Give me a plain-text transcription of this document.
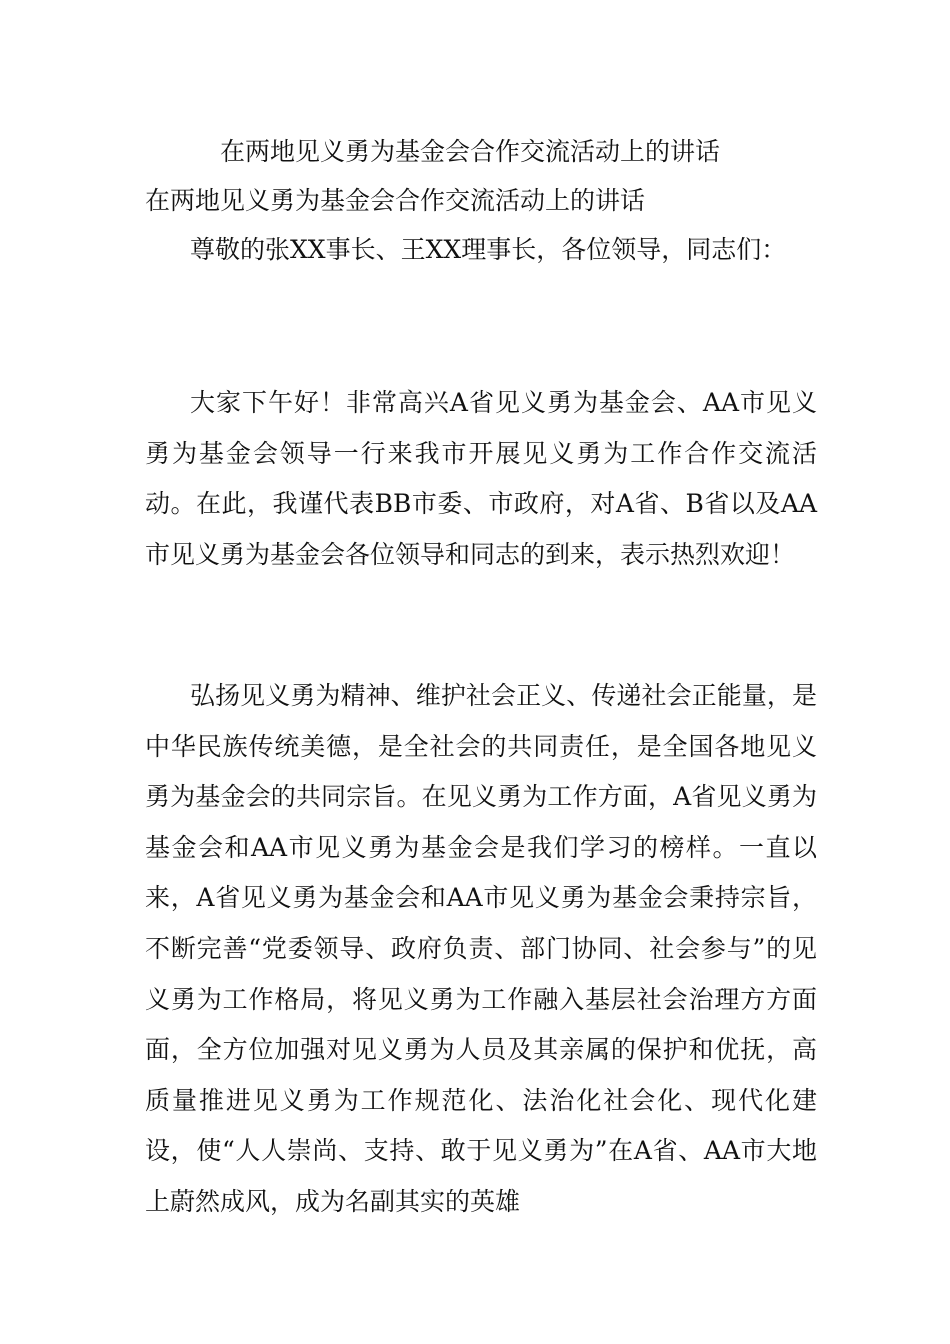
在两地见义勇为基金会合作交流活动上的讲话
在两地见义勇为基金会合作交流活动上的讲话
尊敬的张XX事长、王XX理事长，各位领导，同志们：

大家下午好！非常高兴A省见义勇为基金会、AA市见义勇为基金会领导一行来我市开展见义勇为工作合作交流活动。在此，我谨代表BB市委、市政府，对A省、B省以及AA市见义勇为基金会各位领导和同志的到来，表示热烈欢迎！

弘扬见义勇为精神、维护社会正义、传递社会正能量，是中华民族传统美德，是全社会的共同责任，是全国各地见义勇为基金会的共同宗旨。在见义勇为工作方面，A省见义勇为基金会和AA市见义勇为基金会是我们学习的榜样。一直以来，A省见义勇为基金会和AA市见义勇为基金会秉持宗旨，不断完善“党委领导、政府负责、部门协同、社会参与”的见义勇为工作格局，将见义勇为工作融入基层社会治理方方面面，全方位加强对见义勇为人员及其亲属的保护和优抚，高质量推进见义勇为工作规范化、法治化社会化、现代化建设，使“人人崇尚、支持、敢于见义勇为”在A省、AA市大地上蔚然成风，成为名副其实的英雄
